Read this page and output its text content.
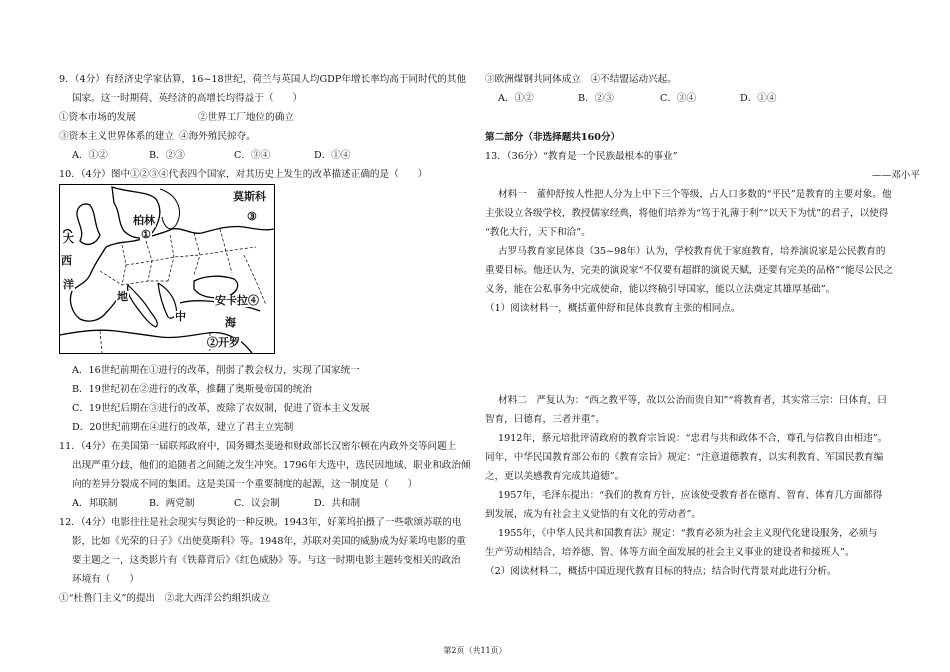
9．（4分）有经济史学家估算，16~18世纪，荷兰与英国人均GDP年增长率均高于同时代的其他
国家。这一时期荷、英经济的高增长均得益于（　　）
①资本市场的发展	②世界工厂地位的确立
③资本主义世界体系的建立 ④海外殖民掠夺。
A．①②	B．②③	C．③④	D．①④
10．（4分）图中①②③④代表四个国家，对其历史上发生的改革描述正确的是（　　）
莫斯科
③
柏林
①
大
西
洋
地	安卡拉④
中	海
②开罗
A．16世纪前期在①进行的改革，削弱了教会权力，实现了国家统一
B．19世纪初在②进行的改革，推翻了奥斯曼帝国的统治
C．19世纪后期在③进行的改革，废除了农奴制，促进了资本主义发展
D．20世纪前期在④进行的改革，建立了君主立宪制
11．（4分）在美国第一届联邦政府中，国务卿杰斐逊和财政部长汉密尔顿在内政外交等问题上
出现严重分歧，他们的追随者之间随之发生冲突。1796年大选中，选民因地域、职业和政治倾
向的差异分裂成不同的集团。这是美国一个重要制度的起源，这一制度是（　　）
A．邦联制	B．两党制	C．议会制	D．共和制
12．（4分）电影往往是社会现实与舆论的一种反映。1943年，好莱坞拍摄了一些歌颂苏联的电
影，比如《光荣的日子》《出使莫斯科》等。1948年，苏联对美国的威胁成为好莱坞电影的重
要主题之一，这类影片有《铁幕背后》《红色威胁》等。与这一时期电影主题转变相关的政治
环境有（　　）
①“杜鲁门主义”的提出　②北大西洋公约组织成立
③欧洲煤钢共同体成立　④不结盟运动兴起。
A．①②	B．②③	C．③④	D．①④
第二部分（非选择题共160分）
13．（36分）“教育是一个民族最根本的事业”
——邓小平
材料一　董仲舒按人性把人分为上中下三个等级，占人口多数的“平民”是教育的主要对象。他
主张设立各级学校，教授儒家经典，将他们培养为“笃于礼薄于利”“以天下为忧”的君子，以使得
“教化大行，天下和洽”。
古罗马教育家昆体良（35~98年）认为，学校教育优于家庭教育，培养演说家是公民教育的
重要目标。他还认为，完美的演说家“不仅要有超群的演说天赋，还要有完美的品格”“能尽公民之
义务，能在公私事务中完成使命，能以终稿引导国家，能以立法奠定其雄厚基础”。
（1）阅读材料一，概括董仲舒和昆体良教育主张的相同点。
材料二　严复认为：“西之教平等，故以公治而贵自知”“将教育者，其实常三宗：曰体育，曰
智育，曰德育，三者并重”。
1912年，蔡元培批评清政府的教育宗旨说：“忠君与共和政体不合，尊孔与信教自由相违”。
同年，中华民国教育部公布的《教育宗旨》规定：“注意道德教育，以实利教育、军国民教育编
之，更以美感教育完成其道德”。
1957年，毛泽东提出：“我们的教育方针，应该使受教育者在德育、智育、体育几方面都得
到发展，成为有社会主义觉悟的有文化的劳动者”。
1955年，《中华人民共和国教育法》规定：“教育必须为社会主义现代化建设服务，必须与
生产劳动相结合，培养德、智、体等方面全面发展的社会主义事业的建设者和接班人”。
（2）阅读材料二，概括中国近现代教育目标的特点；结合时代背景对此进行分析。
第2页（共11页）
